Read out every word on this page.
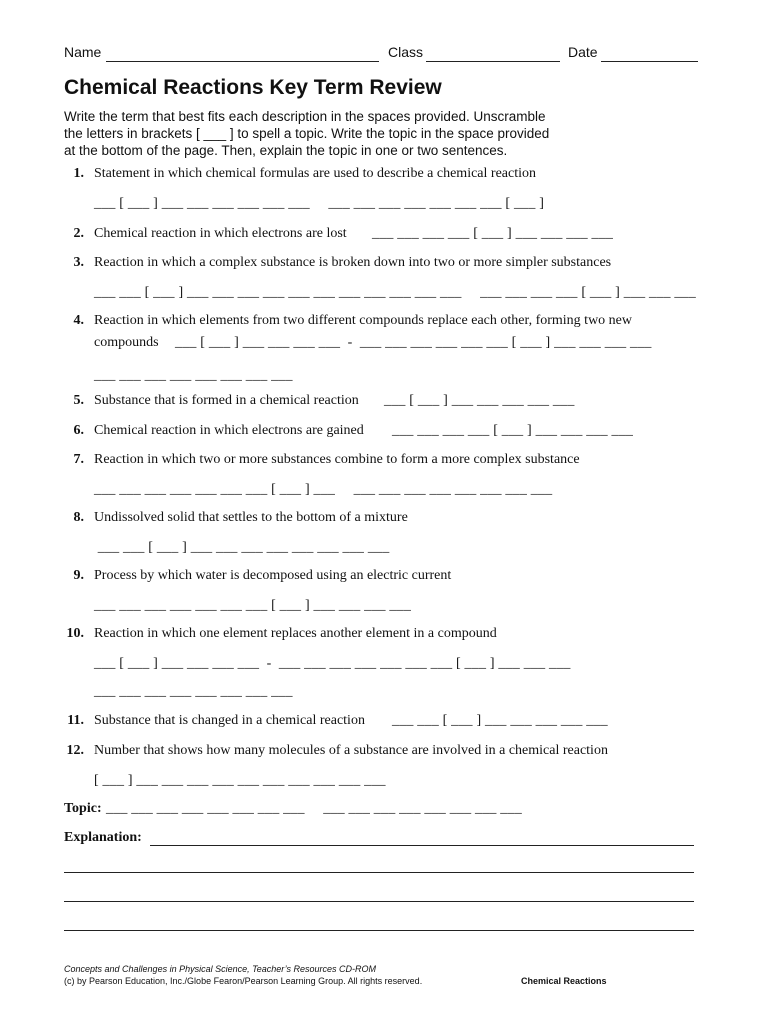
Name	Class	Date
Chemical Reactions Key Term Review
Write the term that best fits each description in the spaces provided. Unscramble
the letters in brackets [ ___ ] to spell a topic. Write the topic in the space provided
at the bottom of the page. Then, explain the topic in one or two sentences.
1. Statement in which chemical formulas are used to describe a chemical reaction
___ [ ___ ] ___ ___ ___ ___ ___ ___     ___ ___ ___ ___ ___ ___ ___ [ ___ ]
2. Chemical reaction in which electrons are lost ___ ___ ___ ___ [ ___ ] ___ ___ ___ ___
3. Reaction in which a complex substance is broken down into two or more simpler substances
___ ___ [ ___ ] ___ ___ ___ ___ ___ ___ ___ ___ ___ ___ ___     ___ ___ ___ ___ [ ___ ] ___ ___ ___
4. Reaction in which elements from two different compounds replace each other, forming two new
compounds ___ [ ___ ] ___ ___ ___ ___  -  ___ ___ ___ ___ ___ ___ [ ___ ] ___ ___ ___ ___
___ ___ ___ ___ ___ ___ ___ ___
5. Substance that is formed in a chemical reaction ___ [ ___ ] ___ ___ ___ ___ ___
6. Chemical reaction in which electrons are gained ___ ___ ___ ___ [ ___ ] ___ ___ ___ ___
7. Reaction in which two or more substances combine to form a more complex substance
___ ___ ___ ___ ___ ___ ___ [ ___ ] ___     ___ ___ ___ ___ ___ ___ ___ ___
8. Undissolved solid that settles to the bottom of a mixture
___ ___ [ ___ ] ___ ___ ___ ___ ___ ___ ___ ___
9. Process by which water is decomposed using an electric current
___ ___ ___ ___ ___ ___ ___ [ ___ ] ___ ___ ___ ___
10. Reaction in which one element replaces another element in a compound
___ [ ___ ] ___ ___ ___ ___  -  ___ ___ ___ ___ ___ ___ ___ [ ___ ] ___ ___ ___
___ ___ ___ ___ ___ ___ ___ ___
11. Substance that is changed in a chemical reaction ___ ___ [ ___ ] ___ ___ ___ ___ ___
12. Number that shows how many molecules of a substance are involved in a chemical reaction
[ ___ ] ___ ___ ___ ___ ___ ___ ___ ___ ___ ___
Topic: ___ ___ ___ ___ ___ ___ ___ ___     ___ ___ ___ ___ ___ ___ ___ ___
Explanation:
Concepts and Challenges in Physical Science, Teacher’s Resources CD-ROM
(c) by Pearson Education, Inc./Globe Fearon/Pearson Learning Group. All rights reserved.	Chemical Reactions
